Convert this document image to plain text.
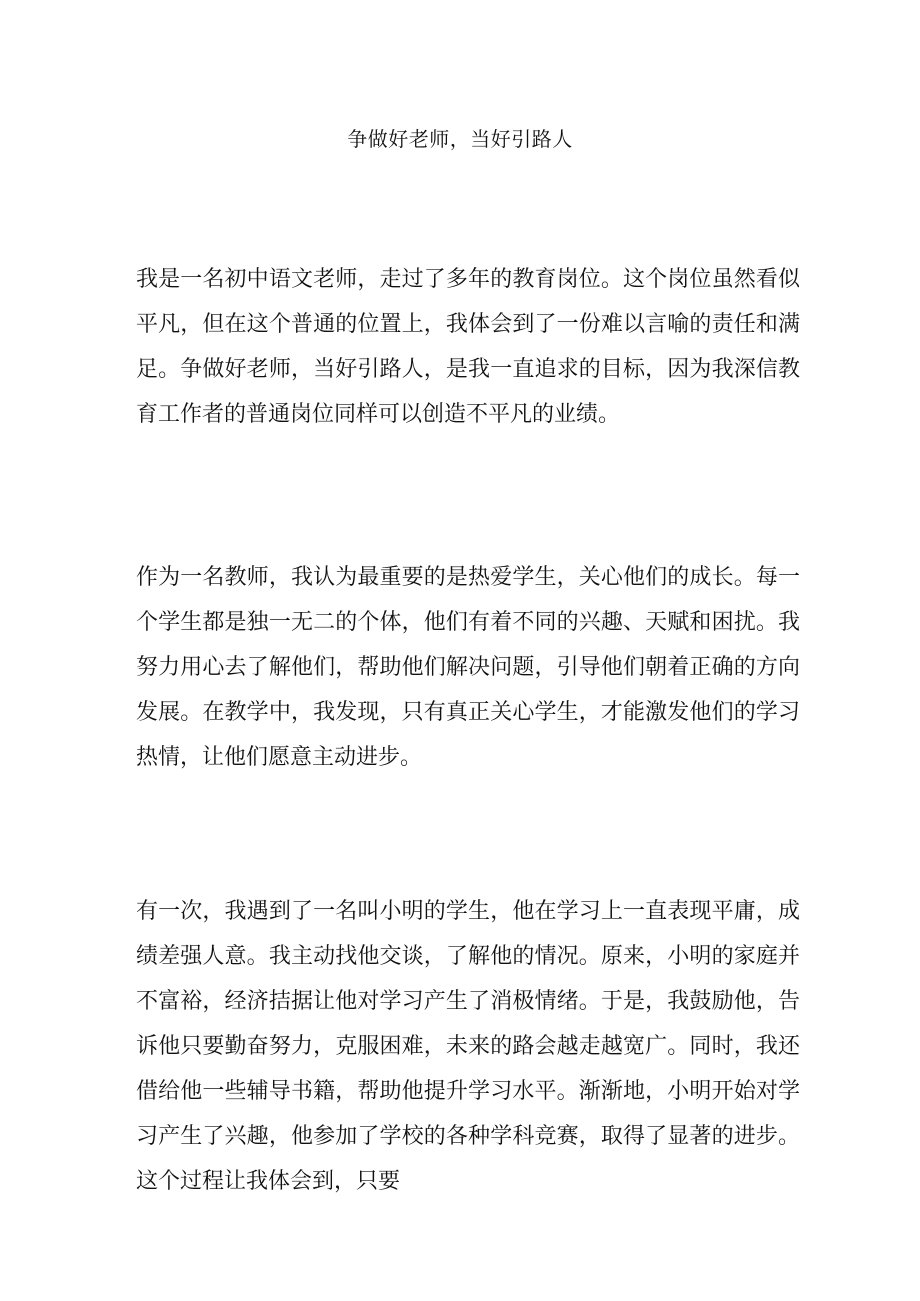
争做好老师，当好引路人

我是一名初中语文老师，走过了多年的教育岗位。这个岗位虽然看似平凡，但在这个普通的位置上，我体会到了一份难以言喻的责任和满足。争做好老师，当好引路人，是我一直追求的目标，因为我深信教育工作者的普通岗位同样可以创造不平凡的业绩。

作为一名教师，我认为最重要的是热爱学生，关心他们的成长。每一个学生都是独一无二的个体，他们有着不同的兴趣、天赋和困扰。我努力用心去了解他们，帮助他们解决问题，引导他们朝着正确的方向发展。在教学中，我发现，只有真正关心学生，才能激发他们的学习热情，让他们愿意主动进步。

有一次，我遇到了一名叫小明的学生，他在学习上一直表现平庸，成绩差强人意。我主动找他交谈，了解他的情况。原来，小明的家庭并不富裕，经济拮据让他对学习产生了消极情绪。于是，我鼓励他，告诉他只要勤奋努力，克服困难，未来的路会越走越宽广。同时，我还借给他一些辅导书籍，帮助他提升学习水平。渐渐地，小明开始对学习产生了兴趣，他参加了学校的各种学科竞赛，取得了显著的进步。这个过程让我体会到，只要
